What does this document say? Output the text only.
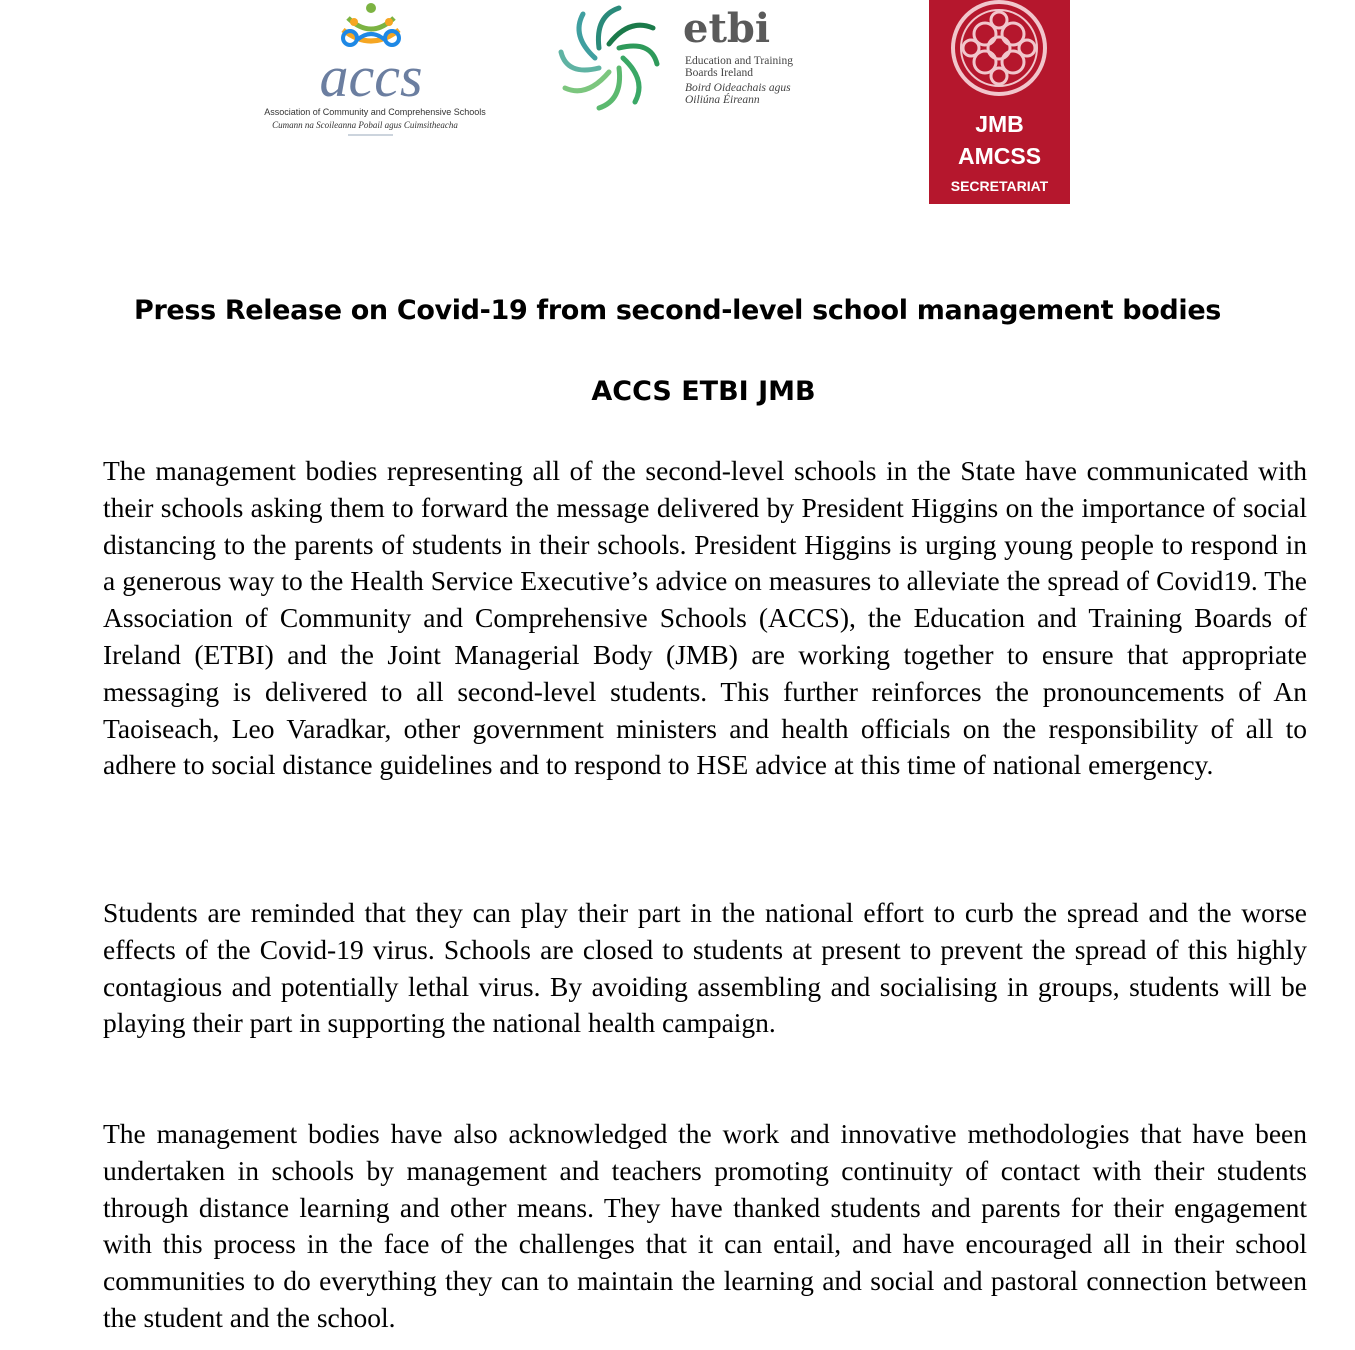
accs
Association of Community and Comprehensive Schools
Cumann na Scoileanna Pobail agus Cuimsitheacha
etbi
Education and Training
Boards Ireland
Boird Oideachais agus
Oiliúna Éireann
JMB
AMCSS
SECRETARIAT
Press Release on Covid-19 from second-level school management bodies
ACCS ETBI JMB

The management bodies representing all of the second-level schools in the State have communicated with their schools asking them to forward the message delivered by President Higgins on the importance of social distancing to the parents of students in their schools. President Higgins is urging young people to respond in a generous way to the Health Service Executive’s advice on measures to alleviate the spread of Covid19. The Association of Community and Comprehensive Schools (ACCS), the Education and Training Boards of Ireland (ETBI) and the Joint Managerial Body (JMB) are working together to ensure that appropriate messaging is delivered to all second-level students. This further reinforces the pronouncements of An Taoiseach, Leo Varadkar, other government ministers and health officials on the responsibility of all to adhere to social distance guidelines and to respond to HSE advice at this time of national emergency.

Students are reminded that they can play their part in the national effort to curb the spread and the worse effects of the Covid-19 virus. Schools are closed to students at present to prevent the spread of this highly contagious and potentially lethal virus. By avoiding assembling and socialising in groups, students will be playing their part in supporting the national health campaign.

The management bodies have also acknowledged the work and innovative methodologies that have been undertaken in schools by management and teachers promoting continuity of contact with their students through distance learning and other means. They have thanked students and parents for their engagement with this process in the face of the challenges that it can entail, and have encouraged all in their school communities to do everything they can to maintain the learning and social and pastoral connection between the student and the school.
